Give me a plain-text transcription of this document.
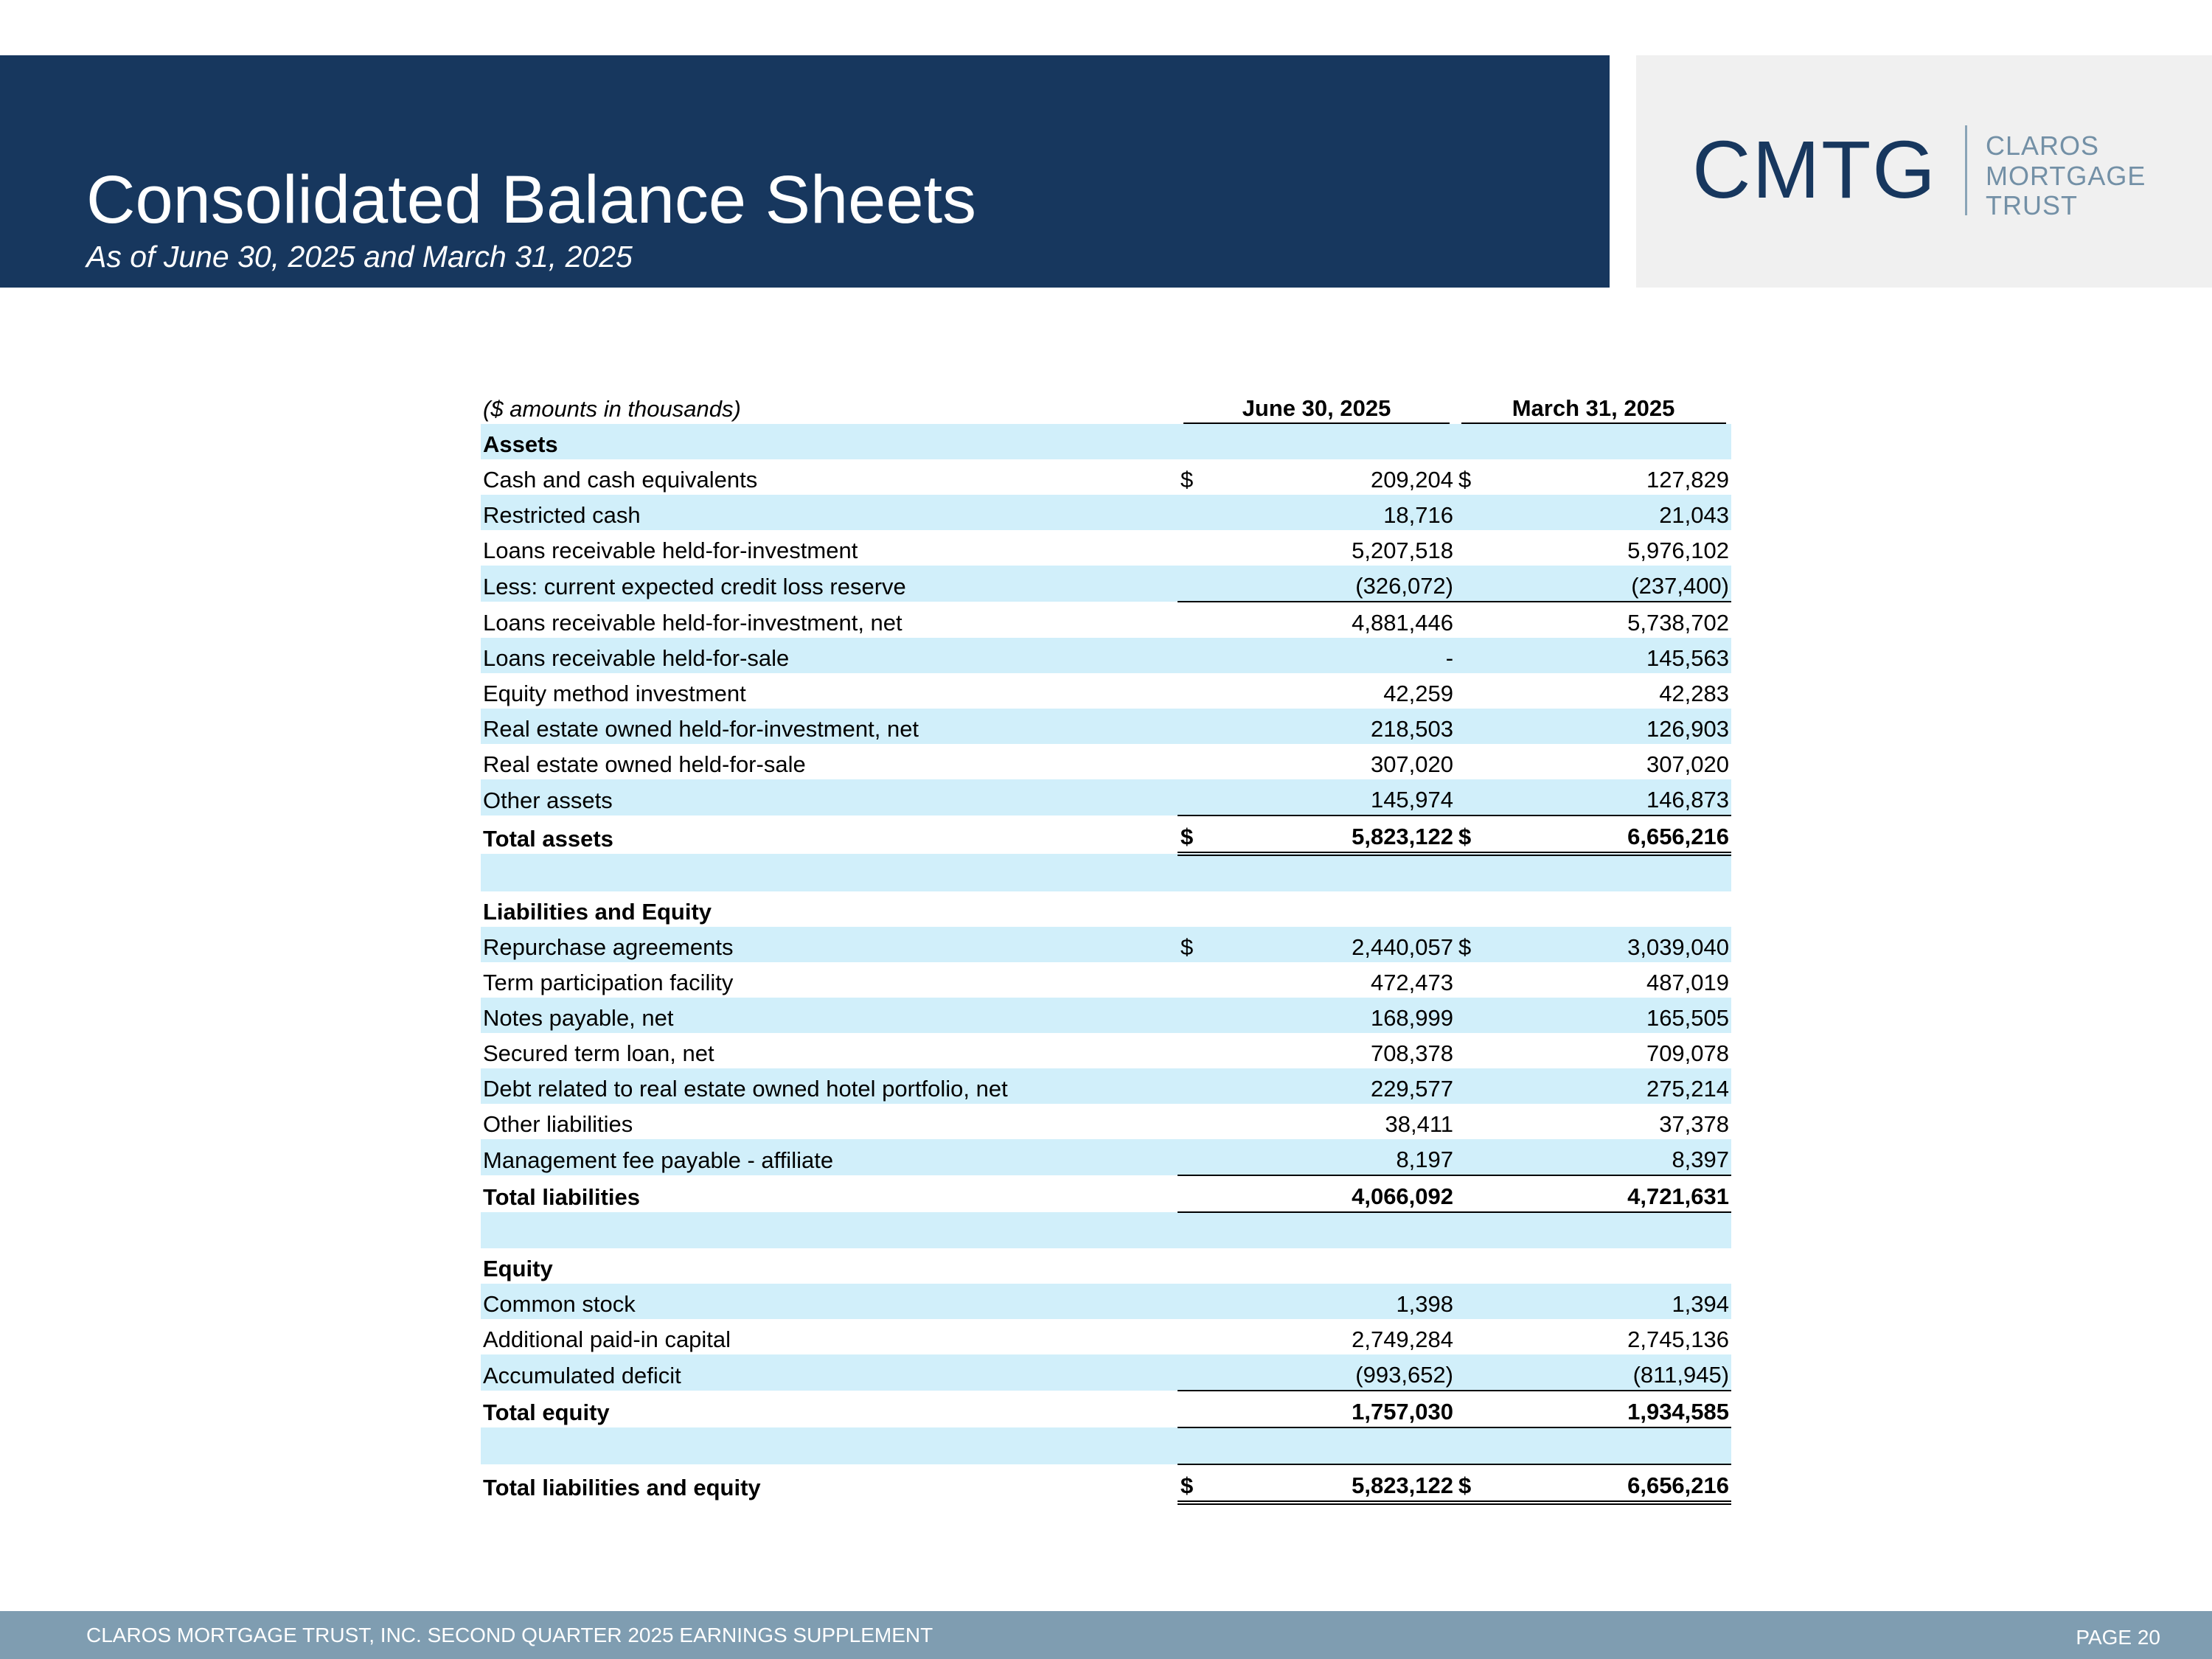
Consolidated Balance Sheets
As of June 30, 2025 and March 31, 2025
CMTG CLAROS
MORTGAGE
TRUST
($ amounts in thousands)	June 30, 2025		March 31, 2025	
Assets				
Cash and cash equivalents	$	209,204	$	127,829
Restricted cash		18,716		21,043
Loans receivable held-for-investment		5,207,518		5,976,102
Less: current expected credit loss reserve		(326,072)		(237,400)
Loans receivable held-for-investment, net		4,881,446		5,738,702
Loans receivable held-for-sale		-		145,563
Equity method investment		42,259		42,283
Real estate owned held-for-investment, net		218,503		126,903
Real estate owned held-for-sale		307,020		307,020
Other assets		145,974		146,873
Total assets	$	5,823,122	$	6,656,216

Liabilities and Equity				
Repurchase agreements	$	2,440,057	$	3,039,040
Term participation facility		472,473		487,019
Notes payable, net		168,999		165,505
Secured term loan, net		708,378		709,078
Debt related to real estate owned hotel portfolio, net		229,577		275,214
Other liabilities		38,411		37,378
Management fee payable - affiliate		8,197		8,397
Total liabilities		4,066,092		4,721,631

Equity				
Common stock		1,398		1,394
Additional paid-in capital		2,749,284		2,745,136
Accumulated deficit		(993,652)		(811,945)
Total equity		1,757,030		1,934,585

Total liabilities and equity	$	5,823,122	$	6,656,216
CLAROS MORTGAGE TRUST, INC. SECOND QUARTER 2025 EARNINGS SUPPLEMENT	PAGE 20
